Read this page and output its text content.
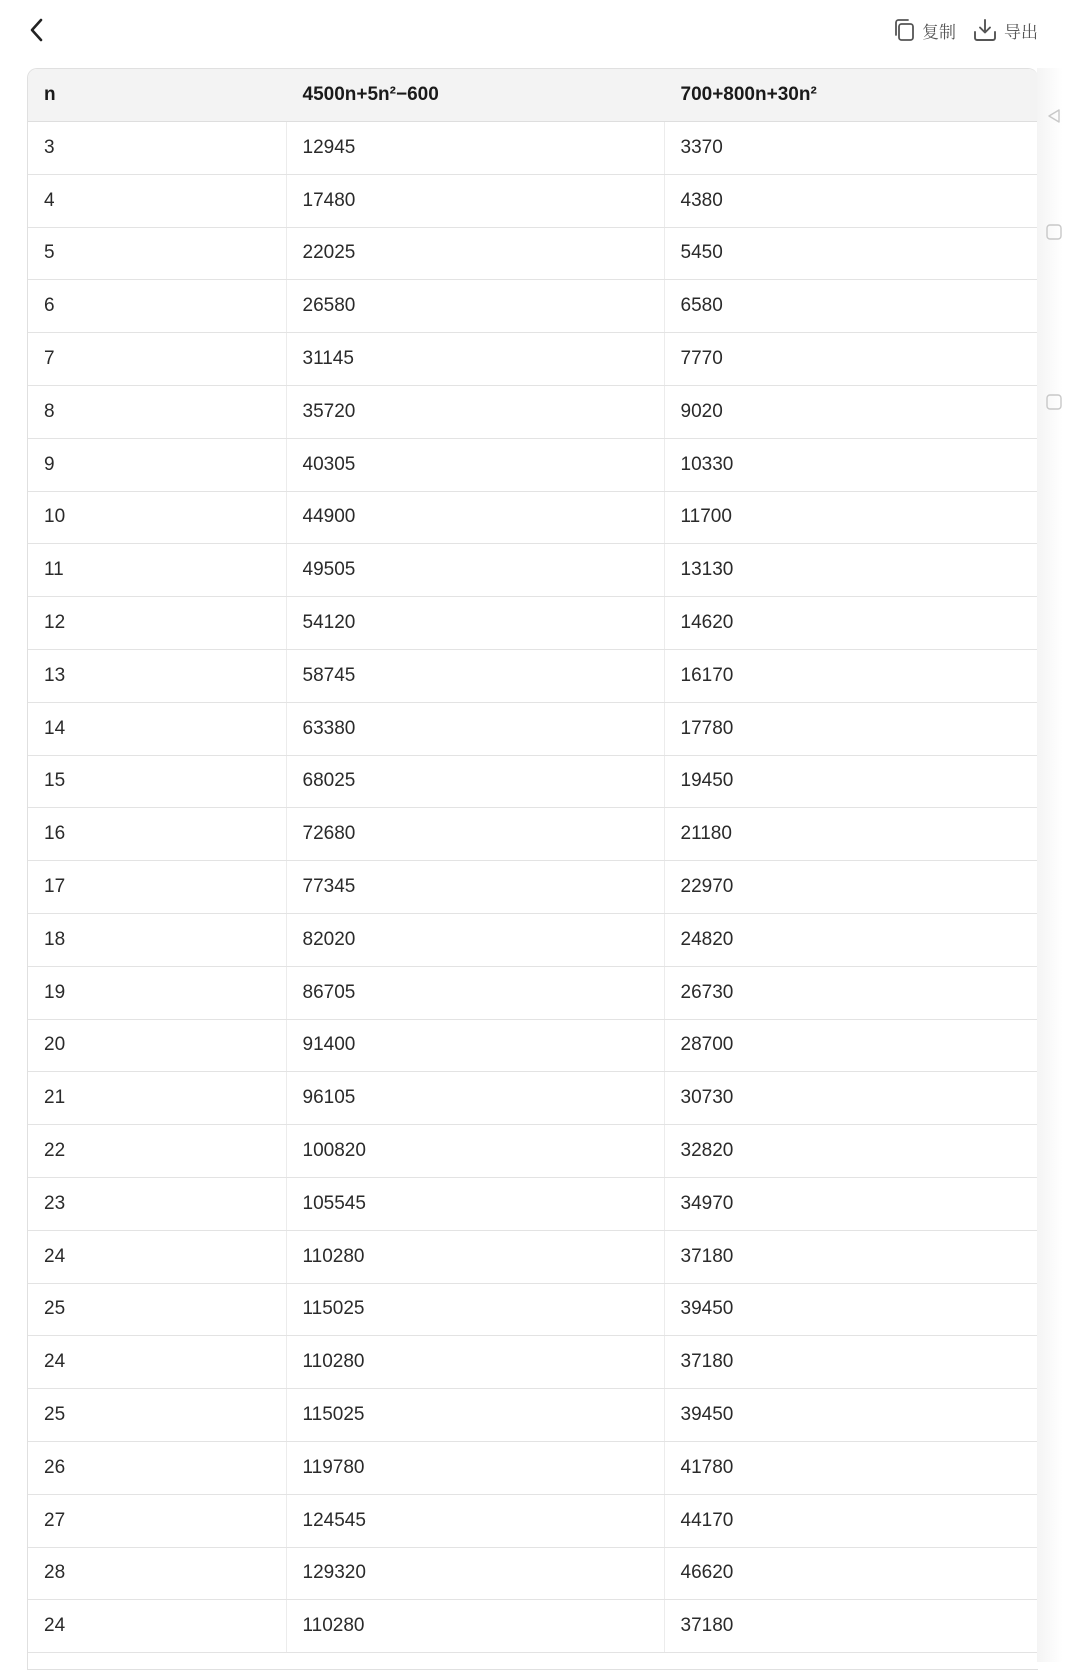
复制	导出
n	4500n+5n²−600	700+800n+30n²
3	12945	3370
4	17480	4380
5	22025	5450
6	26580	6580
7	31145	7770
8	35720	9020
9	40305	10330
10	44900	11700
11	49505	13130
12	54120	14620
13	58745	16170
14	63380	17780
15	68025	19450
16	72680	21180
17	77345	22970
18	82020	24820
19	86705	26730
20	91400	28700
21	96105	30730
22	100820	32820
23	105545	34970
24	110280	37180
25	115025	39450
24	110280	37180
25	115025	39450
26	119780	41780
27	124545	44170
28	129320	46620
24	110280	37180
